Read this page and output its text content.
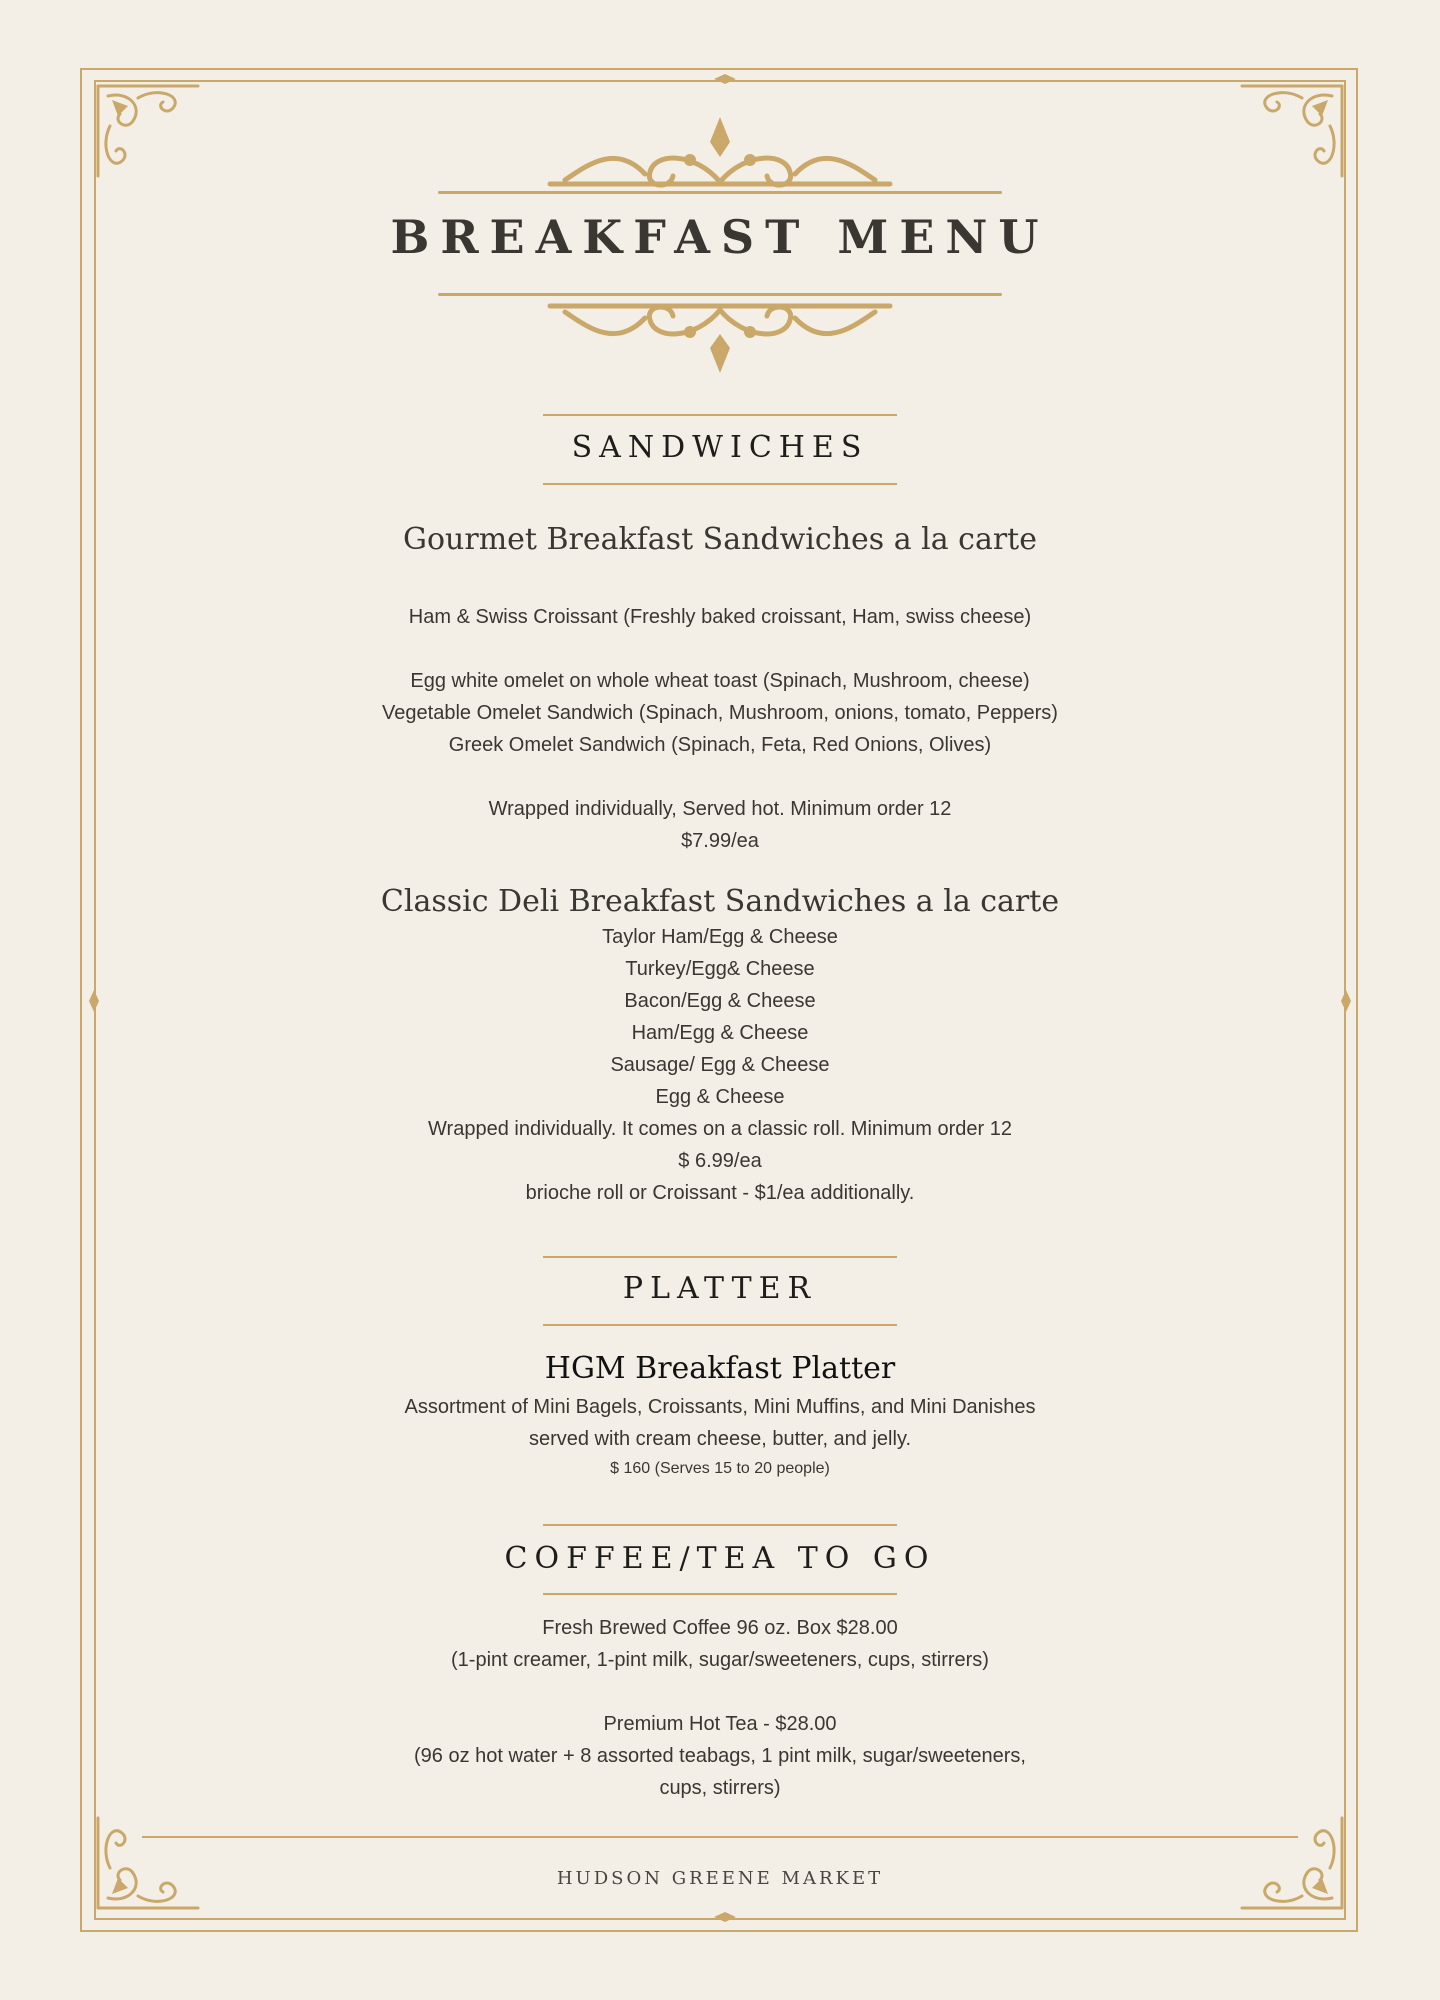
BREAKFAST MENU
SANDWICHES
Gourmet Breakfast Sandwiches a la carte
Ham & Swiss Croissant (Freshly baked croissant, Ham, swiss cheese)
Egg white omelet on whole wheat toast (Spinach, Mushroom, cheese)
Vegetable Omelet Sandwich (Spinach, Mushroom, onions, tomato, Peppers)
Greek Omelet Sandwich (Spinach, Feta, Red Onions, Olives)
Wrapped individually, Served hot. Minimum order 12
$7.99/ea
Classic Deli Breakfast Sandwiches a la carte
Taylor Ham/Egg & Cheese
Turkey/Egg& Cheese
Bacon/Egg & Cheese
Ham/Egg & Cheese
Sausage/ Egg & Cheese
Egg & Cheese
Wrapped individually. It comes on a classic roll. Minimum order 12
$ 6.99/ea
brioche roll or Croissant - $1/ea additionally.
PLATTER
HGM Breakfast Platter
Assortment of Mini Bagels, Croissants, Mini Muffins, and Mini Danishes
served with cream cheese, butter, and jelly.
$ 160 (Serves 15 to 20 people)
COFFEE/TEA TO GO
Fresh Brewed Coffee 96 oz. Box $28.00
(1-pint creamer, 1-pint milk, sugar/sweeteners, cups, stirrers)
Premium Hot Tea - $28.00
(96 oz hot water + 8 assorted teabags, 1 pint milk, sugar/sweeteners,
cups, stirrers)
HUDSON GREENE MARKET
